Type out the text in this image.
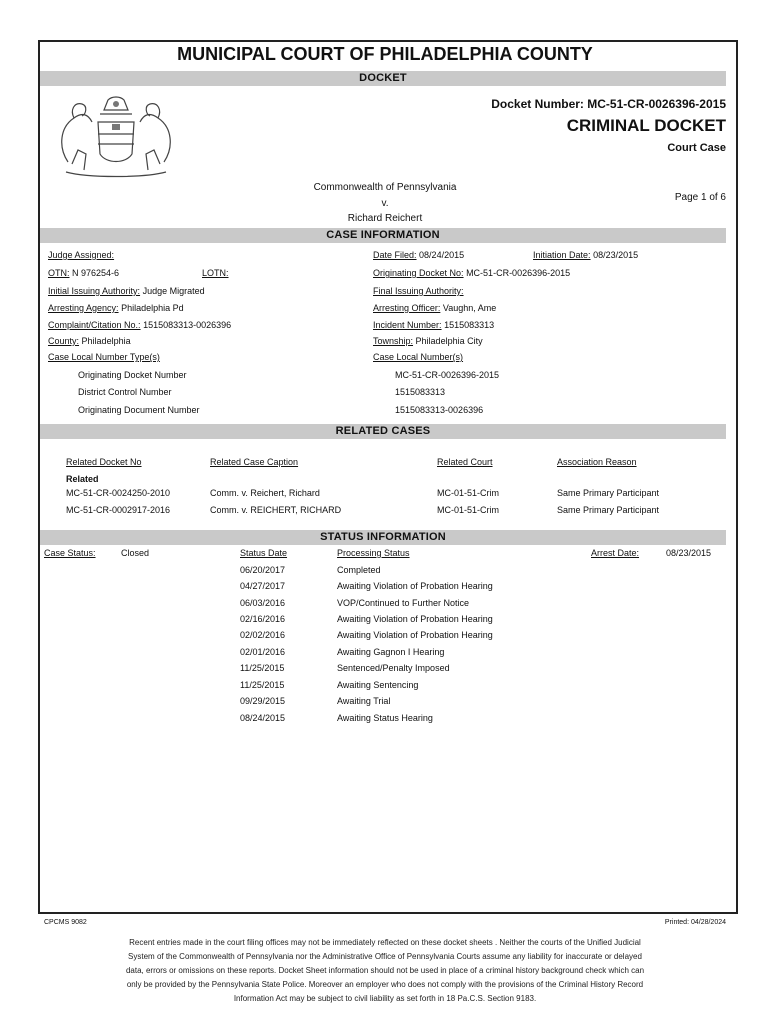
MUNICIPAL COURT OF PHILADELPHIA COUNTY
DOCKET
Docket Number: MC-51-CR-0026396-2015
CRIMINAL DOCKET
Court Case
Commonwealth of Pennsylvania
v.
Richard Reichert
Page 1 of 6
CASE INFORMATION
Judge Assigned:	Date Filed: 08/24/2015	Initiation Date: 08/23/2015
OTN: N 976254-6	LOTN:	Originating Docket No: MC-51-CR-0026396-2015
Initial Issuing Authority: Judge Migrated	Final Issuing Authority:
Arresting Agency: Philadelphia Pd	Arresting Officer: Vaughn, Ame
Complaint/Citation No.: 1515083313-0026396	Incident Number: 1515083313
County: Philadelphia	Township: Philadelphia City
Case Local Number Type(s)	Case Local Number(s)
Originating Docket Number	MC-51-CR-0026396-2015
District Control Number	1515083313
Originating Document Number	1515083313-0026396
RELATED CASES
Related Docket No	Related Case Caption	Related Court	Association Reason
Related
MC-51-CR-0024250-2010	Comm. v. Reichert, Richard	MC-01-51-Crim	Same Primary Participant
MC-51-CR-0002917-2016	Comm. v. REICHERT, RICHARD	MC-01-51-Crim	Same Primary Participant
STATUS INFORMATION
Case Status:	Closed	Status Date	Processing Status	Arrest Date:	08/23/2015
06/20/2017	Completed
04/27/2017	Awaiting Violation of Probation Hearing
06/03/2016	VOP/Continued to Further Notice
02/16/2016	Awaiting Violation of Probation Hearing
02/02/2016	Awaiting Violation of Probation Hearing
02/01/2016	Awaiting Gagnon I Hearing
11/25/2015	Sentenced/Penalty Imposed
11/25/2015	Awaiting Sentencing
09/29/2015	Awaiting Trial
08/24/2015	Awaiting Status Hearing
CPCMS 9082	Printed: 04/28/2024
Recent entries made in the court filing offices may not be immediately reflected on these docket sheets . Neither the courts of the Unified Judicial
System of the Commonwealth of Pennsylvania nor the Administrative Office of Pennsylvania Courts assume any liability for inaccurate or delayed
data, errors or omissions on these reports. Docket Sheet information should not be used in place of a criminal history background check which can
only be provided by the Pennsylvania State Police. Moreover an employer who does not comply with the provisions of the Criminal History Record
Information Act may be subject to civil liability as set forth in 18 Pa.C.S. Section 9183.
